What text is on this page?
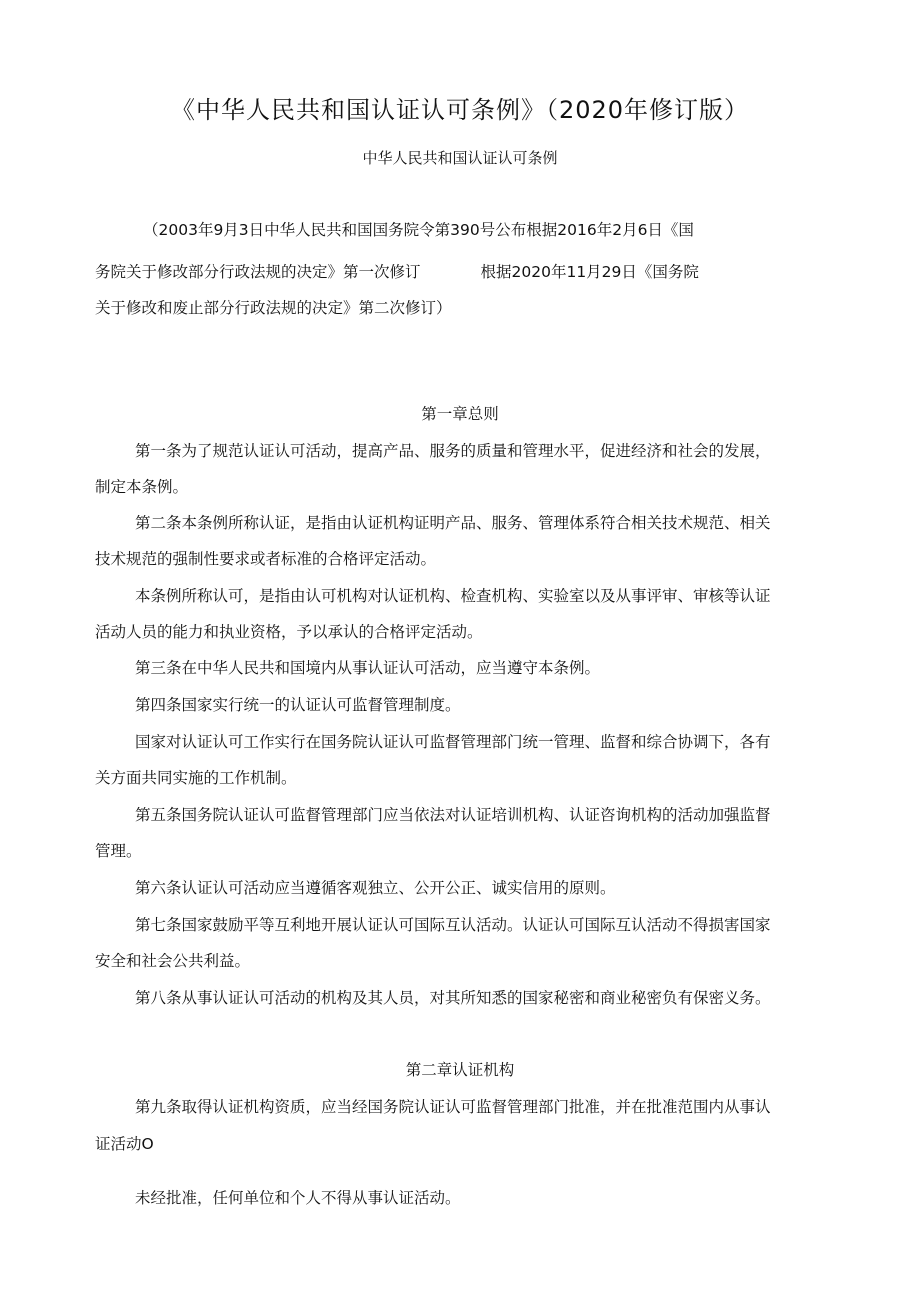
《中华人民共和国认证认可条例》（2020年修订版）
中华人民共和国认证认可条例
（2003年9月3日中华人民共和国国务院令第390号公布根据2016年2月6日《国
务院关于修改部分行政法规的决定》第一次修订	根据2020年11月29日《国务院
关于修改和废止部分行政法规的决定》第二次修订）
第一章总则
第一条为了规范认证认可活动，提高产品、服务的质量和管理水平，促进经济和社会的发展，
制定本条例。
第二条本条例所称认证，是指由认证机构证明产品、服务、管理体系符合相关技术规范、相关
技术规范的强制性要求或者标准的合格评定活动。
本条例所称认可，是指由认可机构对认证机构、检查机构、实验室以及从事评审、审核等认证
活动人员的能力和执业资格，予以承认的合格评定活动。
第三条在中华人民共和国境内从事认证认可活动，应当遵守本条例。
第四条国家实行统一的认证认可监督管理制度。
国家对认证认可工作实行在国务院认证认可监督管理部门统一管理、监督和综合协调下，各有
关方面共同实施的工作机制。
第五条国务院认证认可监督管理部门应当依法对认证培训机构、认证咨询机构的活动加强监督
管理。
第六条认证认可活动应当遵循客观独立、公开公正、诚实信用的原则。
第七条国家鼓励平等互利地开展认证认可国际互认活动。认证认可国际互认活动不得损害国家
安全和社会公共利益。
第八条从事认证认可活动的机构及其人员，对其所知悉的国家秘密和商业秘密负有保密义务。
第二章认证机构
第九条取得认证机构资质，应当经国务院认证认可监督管理部门批准，并在批准范围内从事认
证活动O
未经批准，任何单位和个人不得从事认证活动。
